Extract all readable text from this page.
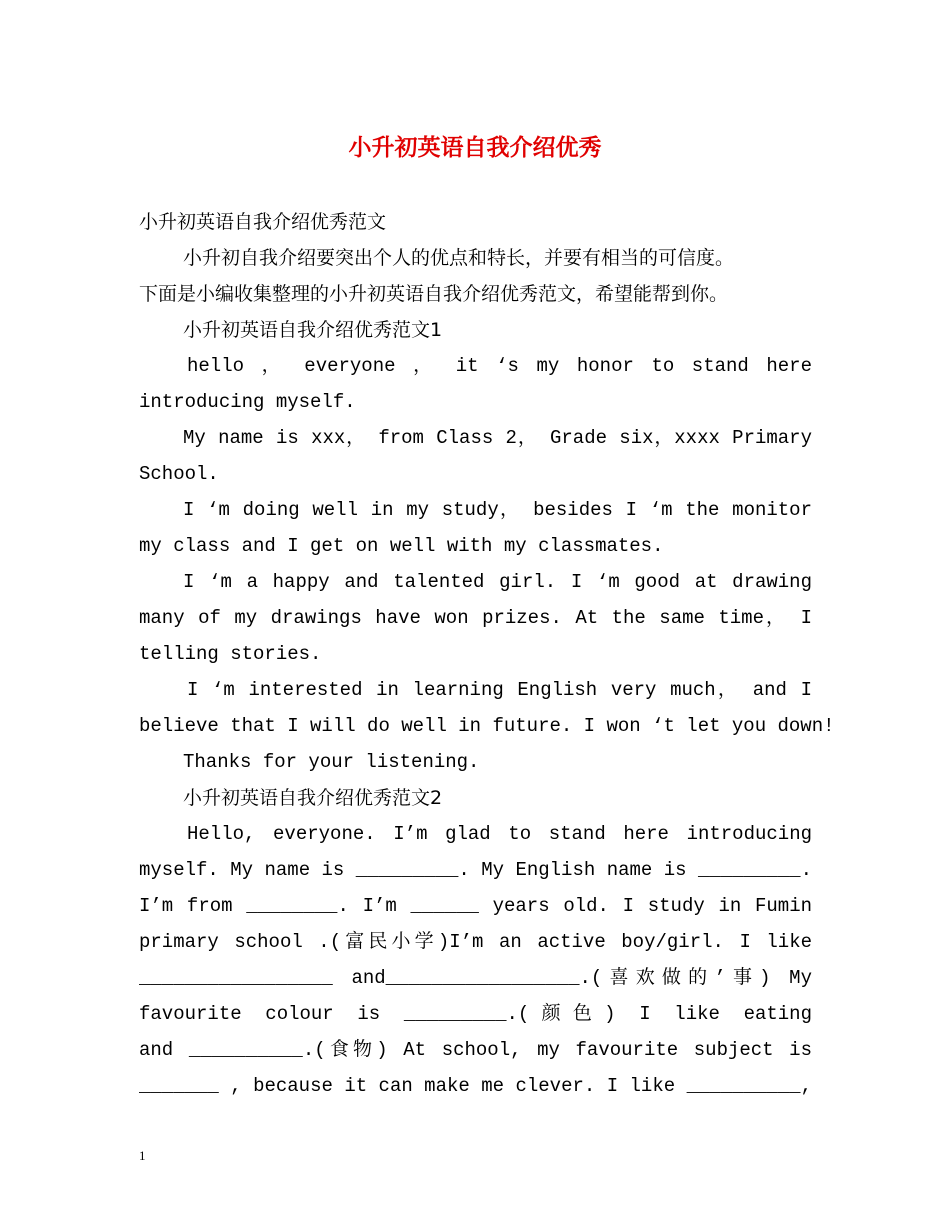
小升初英语自我介绍优秀
小升初英语自我介绍优秀范文
小升初自我介绍要突出个人的优点和特长，并要有相当的可信度。
下面是小编收集整理的小升初英语自我介绍优秀范文，希望能帮到你。
小升初英语自我介绍优秀范文1
hello ， everyone ， it ‘s my honor to stand here
introducing myself.
My name is xxx， from Class 2， Grade six，xxxx Primary
School.
I ‘m doing well in my study， besides I ‘m the monitor
my class and I get on well with my classmates.
I ‘m a happy and talented girl. I ‘m good at drawing
many of my drawings have won prizes. At the same time， I
telling stories.
I ‘m interested in learning English very much， and I
believe that I will do well in future. I won ‘t let you down!
Thanks for your listening.
小升初英语自我介绍优秀范文2
Hello, everyone. I’m glad to stand here introducing
myself. My name is _________. My English name is _________.
I’m from ________. I’m ______ years old. I study in Fumin
primary school .(富民小学)I’m an active boy/girl. I like
_________________ and_________________.(喜欢做的’事) My
favourite colour is _________.(颜色) I like eating
and __________.(食物) At school, my favourite subject is
_______ , because it can make me clever. I like __________,
1
